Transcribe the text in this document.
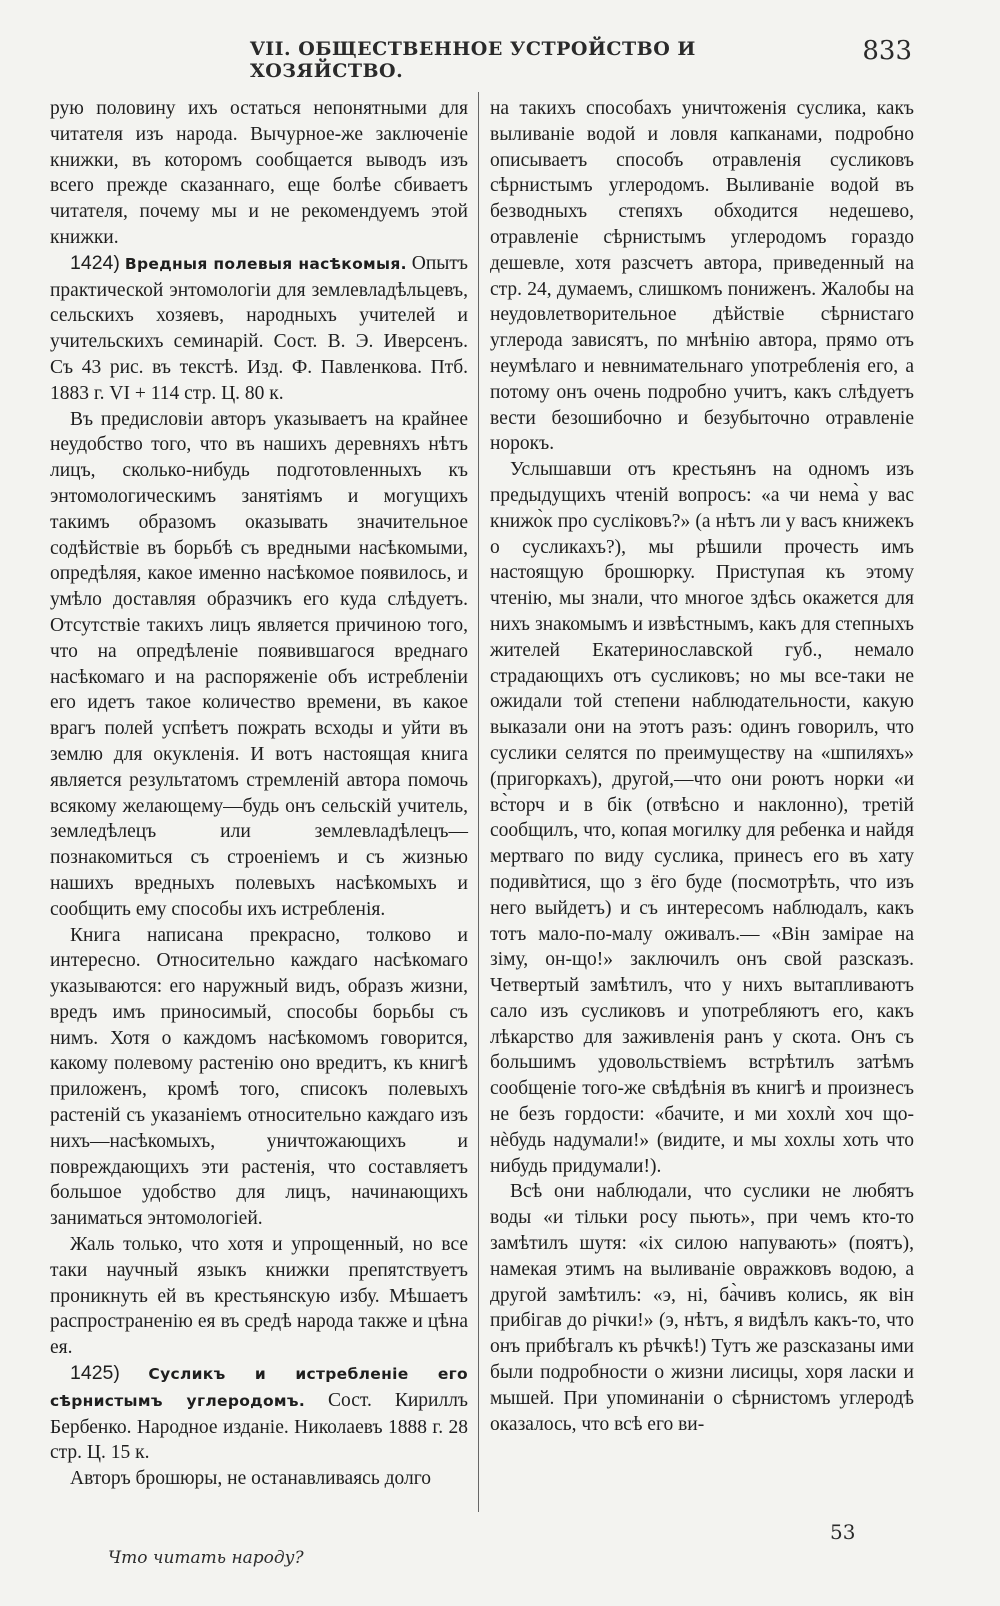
VII. ОБЩЕСТВЕННОЕ УСТРОЙСТВО И ХОЗЯЙСТВО.
833

рую половину ихъ остаться непонятными для читателя изъ народа. Вычурное-же заключеніе книжки, въ которомъ сообщается выводъ изъ всего прежде сказаннаго, еще болѣе сбиваетъ читателя, почему мы и не рекомендуемъ этой книжки.

1424) Вредныя полевыя насѣкомыя. Опытъ практической энтомологіи для землевладѣльцевъ, сельскихъ хозяевъ, народныхъ учителей и учительскихъ семинарій. Сост. В. Э. Иверсенъ. Съ 43 рис. въ текстѣ. Изд. Ф. Павленкова. Птб. 1883 г. VI + 114 стр. Ц. 80 к.

Въ предисловіи авторъ указываетъ на крайнее неудобство того, что въ нашихъ деревняхъ нѣтъ лицъ, сколько-нибудь подготовленныхъ къ энтомологическимъ занятіямъ и могущихъ такимъ образомъ оказывать значительное содѣйствіе въ борьбѣ съ вредными насѣкомыми, опредѣляя, какое именно насѣкомое появилось, и умѣло доставляя образчикъ его куда слѣдуетъ. Отсутствіе такихъ лицъ является причиною того, что на опредѣленіе появившагося вреднаго насѣкомаго и на распоряженіе объ истребленіи его идетъ такое количество времени, въ какое врагъ полей успѣетъ пожрать всходы и уйти въ землю для окукленія. И вотъ настоящая книга является результатомъ стремленій автора помочь всякому желающему—будь онъ сельскій учитель, земледѣлецъ или землевладѣлецъ—познакомиться съ строеніемъ и съ жизнью нашихъ вредныхъ полевыхъ насѣкомыхъ и сообщить ему способы ихъ истребленія.

Книга написана прекрасно, толково и интересно. Относительно каждаго насѣкомаго указываются: его наружный видъ, образъ жизни, вредъ имъ приносимый, способы борьбы съ нимъ. Хотя о каждомъ насѣкомомъ говорится, какому полевому растенію оно вредитъ, къ книгѣ приложенъ, кромѣ того, списокъ полевыхъ растеній съ указаніемъ относительно каждаго изъ нихъ—насѣкомыхъ, уничтожающихъ и повреждающихъ эти растенія, что составляетъ большое удобство для лицъ, начинающихъ заниматься энтомологіей.

Жаль только, что хотя и упрощенный, но все таки научный языкъ книжки препятствуетъ проникнуть ей въ крестьянскую избу. Мѣшаетъ распространенію ея въ средѣ народа также и цѣна ея.

1425) Сусликъ и истребленіе его сѣрнистымъ углеродомъ. Сост. Кириллъ Бербенко. Народное изданіе. Николаевъ 1888 г. 28 стр. Ц. 15 к.

Авторъ брошюры, не останавливаясь долго

на такихъ способахъ уничтоженія суслика, какъ выливаніе водой и ловля капканами, подробно описываетъ способъ отравленія сусликовъ сѣрнистымъ углеродомъ. Выливаніе водой въ безводныхъ степяхъ обходится недешево, отравленіе сѣрнистымъ углеродомъ гораздо дешевле, хотя разсчетъ автора, приведенный на стр. 24, думаемъ, слишкомъ пониженъ. Жалобы на неудовлетворительное дѣйствіе сѣрнистаго углерода зависятъ, по мнѣнію автора, прямо отъ неумѣлаго и невнимательнаго употребленія его, а потому онъ очень подробно учитъ, какъ слѣдуетъ вести безошибочно и безубыточно отравленіе норокъ.

Услышавши отъ крестьянъ на одномъ изъ предыдущихъ чтеній вопросъ: «а чи нема̀ у вас книжо̀к про сусліковъ?» (а нѣтъ ли у васъ книжекъ о сусликахъ?), мы рѣшили прочесть имъ настоящую брошюрку. Приступая къ этому чтенію, мы знали, что многое здѣсь окажется для нихъ знакомымъ и извѣстнымъ, какъ для степныхъ жителей Екатеринославской губ., немало страдающихъ отъ сусликовъ; но мы все-таки не ожидали той степени наблюдательности, какую выказали они на этотъ разъ: одинъ говорилъ, что суслики селятся по преимуществу на «шпиляхъ» (пригоркахъ), другой,—что они роютъ норки «и вс̀торч и в бік (отвѣсно и наклонно), третій сообщилъ, что, копая могилку для ребенка и найдя мертваго по виду суслика, принесъ его въ хату подивѝтися, що з ёго буде (посмотрѣть, что изъ него выйдетъ) и съ интересомъ наблюдалъ, какъ тотъ мало-по-малу оживалъ.— «Він замірае на зіму, он-що!» заключилъ онъ свой разсказъ. Четвертый замѣтилъ, что у нихъ вытапливаютъ сало изъ сусликовъ и употребляютъ его, какъ лѣкарство для заживленія ранъ у скота. Онъ съ большимъ удовольствіемъ встрѣтилъ затѣмъ сообщеніе того-же свѣдѣнія въ книгѣ и произнесъ не безъ гордости: «бачите, и ми хохлѝ хоч що-нѐбудь надумали!» (видите, и мы хохлы хоть что нибудь придумали!).

Всѣ они наблюдали, что суслики не любятъ воды «и тільки росу пьють», при чемъ кто-то замѣтилъ шутя: «іх силою напувають» (поятъ), намекая этимъ на выливаніе овражковъ водою, а другой замѣтилъ: «э, ні, ба̀чивъ колись, як він прибігав до річки!» (э, нѣтъ, я видѣлъ какъ-то, что онъ прибѣгалъ къ рѣчкѣ!) Тутъ же разсказаны ими были подробности о жизни лисицы, хоря ласки и мышей. При упоминаніи о сѣрнистомъ углеродѣ оказалось, что всѣ его ви-

Что читать народу?
53
